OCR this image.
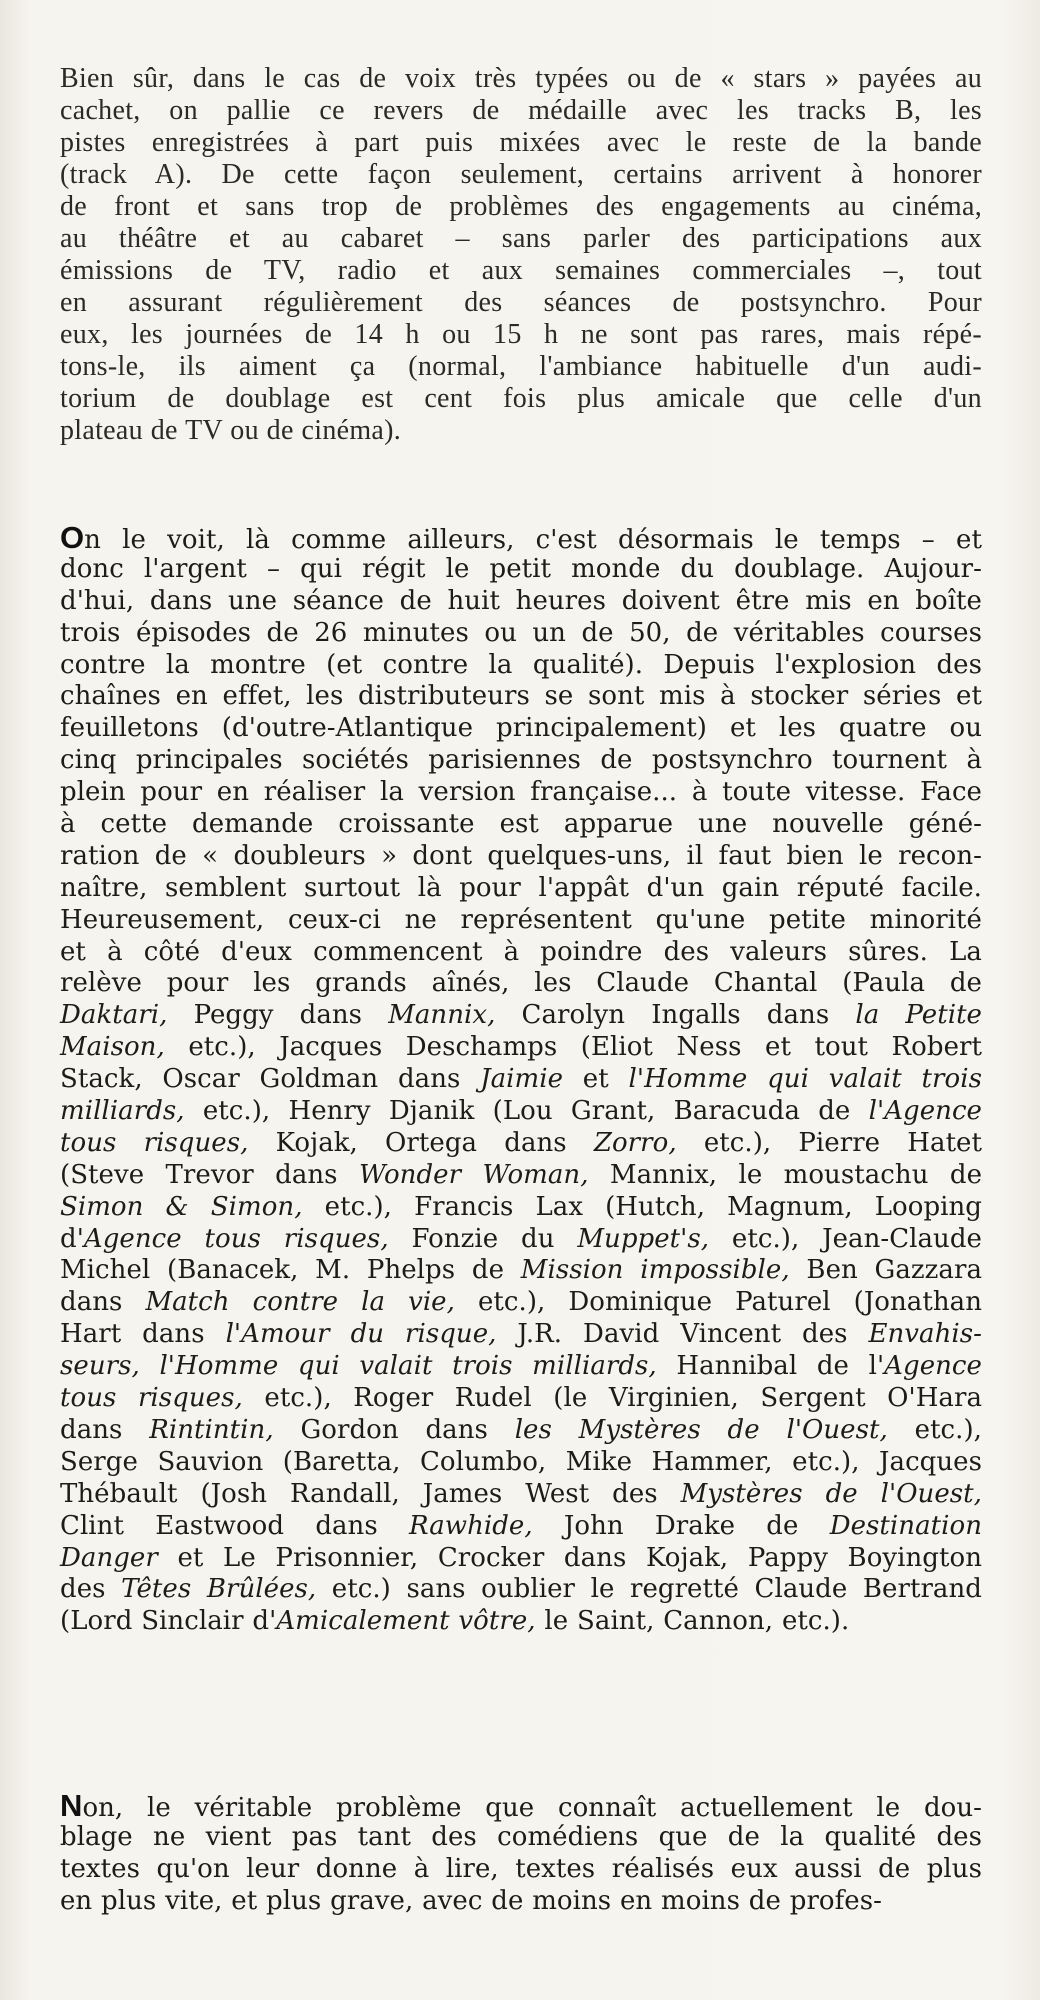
Bien sûr, dans le cas de voix très typées ou de « stars » payées au
cachet, on pallie ce revers de médaille avec les tracks B, les
pistes enregistrées à part puis mixées avec le reste de la bande
(track A). De cette façon seulement, certains arrivent à honorer
de front et sans trop de problèmes des engagements au cinéma,
au théâtre et au cabaret – sans parler des participations aux
émissions de TV, radio et aux semaines commerciales –, tout
en assurant régulièrement des séances de postsynchro. Pour
eux, les journées de 14 h ou 15 h ne sont pas rares, mais répé-
tons-le, ils aiment ça (normal, l'ambiance habituelle d'un audi-
torium de doublage est cent fois plus amicale que celle d'un
plateau de TV ou de cinéma).
On le voit, là comme ailleurs, c'est désormais le temps – et
donc l'argent – qui régit le petit monde du doublage. Aujour-
d'hui, dans une séance de huit heures doivent être mis en boîte
trois épisodes de 26 minutes ou un de 50, de véritables courses
contre la montre (et contre la qualité). Depuis l'explosion des
chaînes en effet, les distributeurs se sont mis à stocker séries et
feuilletons (d'outre-Atlantique principalement) et les quatre ou
cinq principales sociétés parisiennes de postsynchro tournent à
plein pour en réaliser la version française... à toute vitesse. Face
à cette demande croissante est apparue une nouvelle géné-
ration de « doubleurs » dont quelques-uns, il faut bien le recon-
naître, semblent surtout là pour l'appât d'un gain réputé facile.
Heureusement, ceux-ci ne représentent qu'une petite minorité
et à côté d'eux commencent à poindre des valeurs sûres. La
relève pour les grands aînés, les Claude Chantal (Paula de
Daktari, Peggy dans Mannix, Carolyn Ingalls dans la Petite
Maison, etc.), Jacques Deschamps (Eliot Ness et tout Robert
Stack, Oscar Goldman dans Jaimie et l'Homme qui valait trois
milliards, etc.), Henry Djanik (Lou Grant, Baracuda de l'Agence
tous risques, Kojak, Ortega dans Zorro, etc.), Pierre Hatet
(Steve Trevor dans Wonder Woman, Mannix, le moustachu de
Simon & Simon, etc.), Francis Lax (Hutch, Magnum, Looping
d'Agence tous risques, Fonzie du Muppet's, etc.), Jean-Claude
Michel (Banacek, M. Phelps de Mission impossible, Ben Gazzara
dans Match contre la vie, etc.), Dominique Paturel (Jonathan
Hart dans l'Amour du risque, J.R. David Vincent des Envahis-
seurs, l'Homme qui valait trois milliards, Hannibal de l'Agence
tous risques, etc.), Roger Rudel (le Virginien, Sergent O'Hara
dans Rintintin, Gordon dans les Mystères de l'Ouest, etc.),
Serge Sauvion (Baretta, Columbo, Mike Hammer, etc.), Jacques
Thébault (Josh Randall, James West des Mystères de l'Ouest,
Clint Eastwood dans Rawhide, John Drake de Destination
Danger et Le Prisonnier, Crocker dans Kojak, Pappy Boyington
des Têtes Brûlées, etc.) sans oublier le regretté Claude Bertrand
(Lord Sinclair d'Amicalement vôtre, le Saint, Cannon, etc.).
Non, le véritable problème que connaît actuellement le dou-
blage ne vient pas tant des comédiens que de la qualité des
textes qu'on leur donne à lire, textes réalisés eux aussi de plus
en plus vite, et plus grave, avec de moins en moins de profes-
